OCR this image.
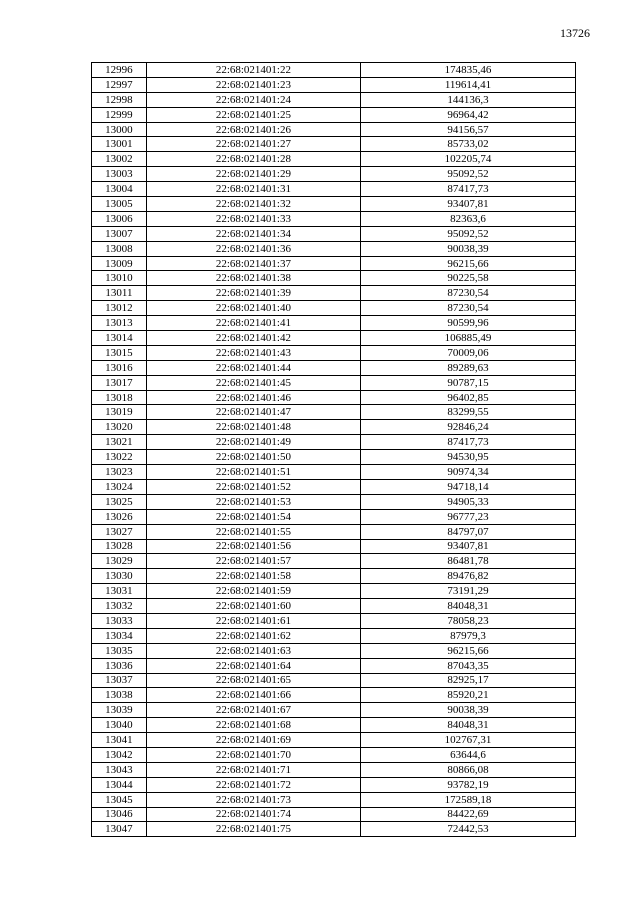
13726
12996	22:68:021401:22	174835,46
12997	22:68:021401:23	119614,41
12998	22:68:021401:24	144136,3
12999	22:68:021401:25	96964,42
13000	22:68:021401:26	94156,57
13001	22:68:021401:27	85733,02
13002	22:68:021401:28	102205,74
13003	22:68:021401:29	95092,52
13004	22:68:021401:31	87417,73
13005	22:68:021401:32	93407,81
13006	22:68:021401:33	82363,6
13007	22:68:021401:34	95092,52
13008	22:68:021401:36	90038,39
13009	22:68:021401:37	96215,66
13010	22:68:021401:38	90225,58
13011	22:68:021401:39	87230,54
13012	22:68:021401:40	87230,54
13013	22:68:021401:41	90599,96
13014	22:68:021401:42	106885,49
13015	22:68:021401:43	70009,06
13016	22:68:021401:44	89289,63
13017	22:68:021401:45	90787,15
13018	22:68:021401:46	96402,85
13019	22:68:021401:47	83299,55
13020	22:68:021401:48	92846,24
13021	22:68:021401:49	87417,73
13022	22:68:021401:50	94530,95
13023	22:68:021401:51	90974,34
13024	22:68:021401:52	94718,14
13025	22:68:021401:53	94905,33
13026	22:68:021401:54	96777,23
13027	22:68:021401:55	84797,07
13028	22:68:021401:56	93407,81
13029	22:68:021401:57	86481,78
13030	22:68:021401:58	89476,82
13031	22:68:021401:59	73191,29
13032	22:68:021401:60	84048,31
13033	22:68:021401:61	78058,23
13034	22:68:021401:62	87979,3
13035	22:68:021401:63	96215,66
13036	22:68:021401:64	87043,35
13037	22:68:021401:65	82925,17
13038	22:68:021401:66	85920,21
13039	22:68:021401:67	90038,39
13040	22:68:021401:68	84048,31
13041	22:68:021401:69	102767,31
13042	22:68:021401:70	63644,6
13043	22:68:021401:71	80866,08
13044	22:68:021401:72	93782,19
13045	22:68:021401:73	172589,18
13046	22:68:021401:74	84422,69
13047	22:68:021401:75	72442,53
